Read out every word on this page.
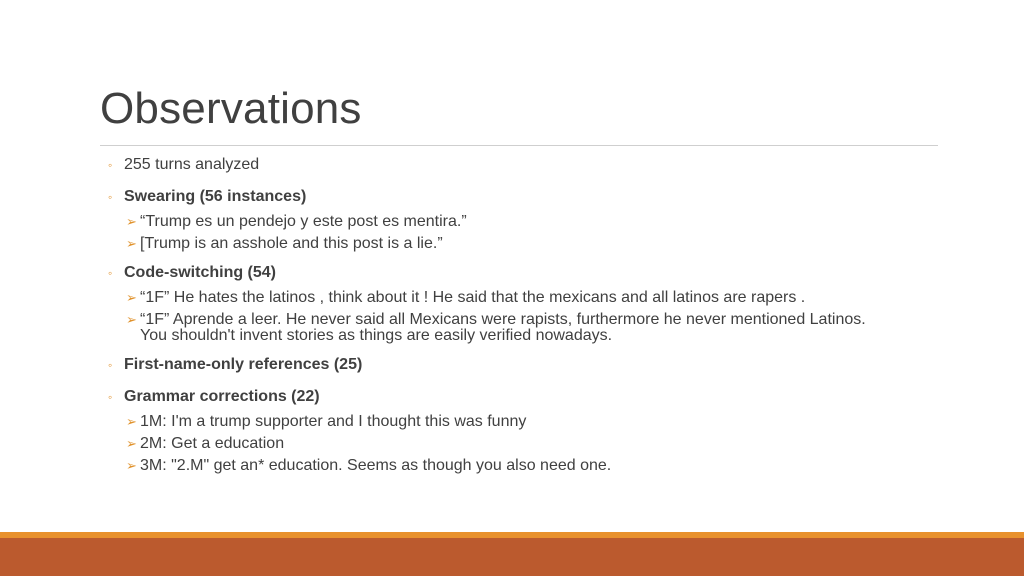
Observations
◦ 255 turns analyzed
◦ Swearing (56 instances)
➢ “Trump es un pendejo y este post es mentira.”
➢ [Trump is an asshole and this post is a lie.”
◦ Code-switching (54)
➢ “1F” He hates the latinos , think about it ! He said that the mexicans and all latinos are rapers .
➢ “1F” Aprende a leer. He never said all Mexicans were rapists, furthermore he never mentioned Latinos. You shouldn't invent stories as things are easily verified nowadays.
◦ First-name-only references (25)
◦ Grammar corrections (22)
➢ 1M: I'm a trump supporter and I thought this was funny
➢ 2M: Get a education
➢ 3M: "2.M" get an* education. Seems as though you also need one.
